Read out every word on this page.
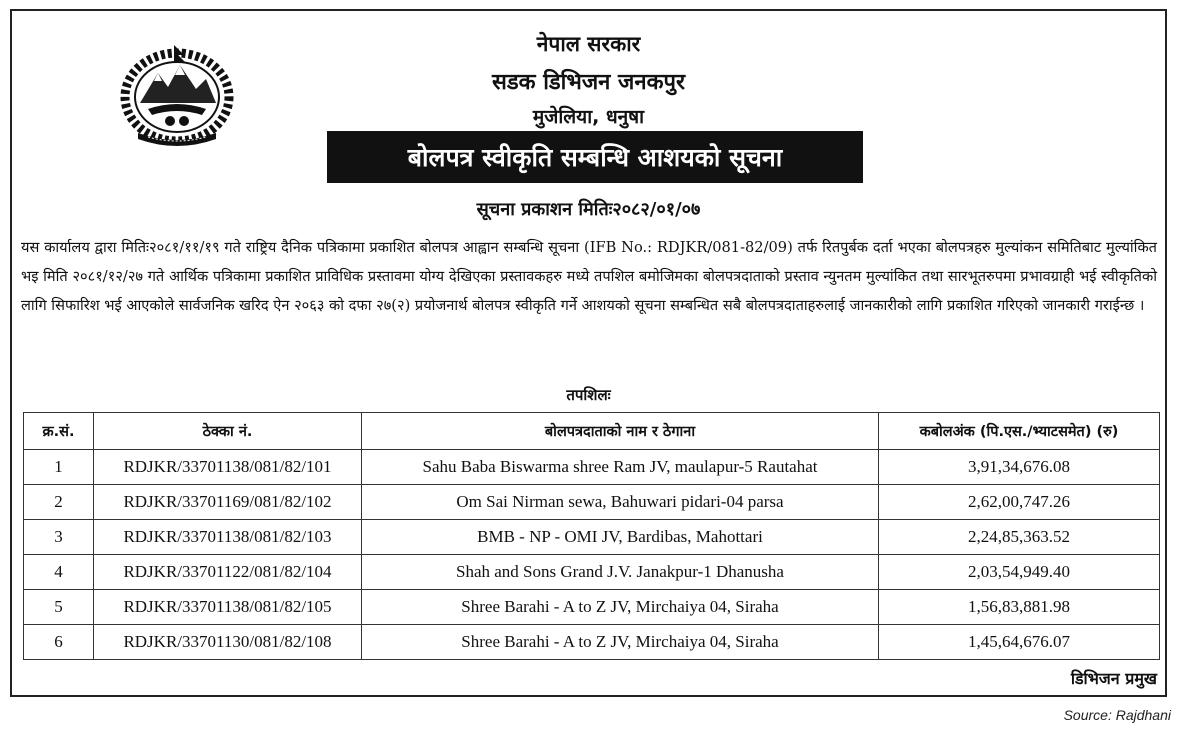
नेपाल सरकार
सडक डिभिजन जनकपुर
मुजेलिया, धनुषा
बोलपत्र स्वीकृति सम्बन्धि आशयको सूचना
सूचना प्रकाशन मितिः२०८२/०१/०७
यस कार्यालय द्वारा मितिः२०८१/११/१९ गते राष्ट्रिय दैनिक पत्रिकामा प्रकाशित बोलपत्र आह्वान सम्बन्धि सूचना (IFB No.: RDJKR/081-82/09) तर्फ रितपुर्बक दर्ता भएका बोलपत्रहरु मुल्यांकन समितिबाट मुल्यांकित भइ मिति २०८१/१२/२७ गते आर्थिक पत्रिकामा प्रकाशित प्राविधिक प्रस्तावमा योग्य देखिएका प्रस्तावकहरु मध्ये तपशिल बमोजिमका बोलपत्रदाताको प्रस्ताव न्युनतम मुल्यांकित तथा सारभूतरुपमा प्रभावग्राही भई स्वीकृतिको लागि सिफारिश भई आएकोले सार्वजनिक खरिद ऐन २०६३ को दफा २७(२) प्रयोजनार्थ बोलपत्र स्वीकृति गर्ने आशयको सूचना सम्बन्धित सबै बोलपत्रदाताहरुलाई जानकारीको लागि प्रकाशित गरिएको जानकारी गराईन्छ ।
तपशिलः
क्र.सं.	ठेक्का नं.	बोलपत्रदाताको नाम र ठेगाना	कबोलअंक (पि.एस./भ्याटसमेत) (रु)
1	RDJKR/33701138/081/82/101	Sahu Baba Biswarma shree Ram JV, maulapur-5 Rautahat	3,91,34,676.08
2	RDJKR/33701169/081/82/102	Om Sai Nirman sewa, Bahuwari pidari-04 parsa	2,62,00,747.26
3	RDJKR/33701138/081/82/103	BMB - NP - OMI JV, Bardibas, Mahottari	2,24,85,363.52
4	RDJKR/33701122/081/82/104	Shah and Sons Grand J.V. Janakpur-1 Dhanusha	2,03,54,949.40
5	RDJKR/33701138/081/82/105	Shree Barahi - A to Z JV, Mirchaiya 04, Siraha	1,56,83,881.98
6	RDJKR/33701130/081/82/108	Shree Barahi - A to Z JV, Mirchaiya 04, Siraha	1,45,64,676.07
डिभिजन प्रमुख
Source: Rajdhani
